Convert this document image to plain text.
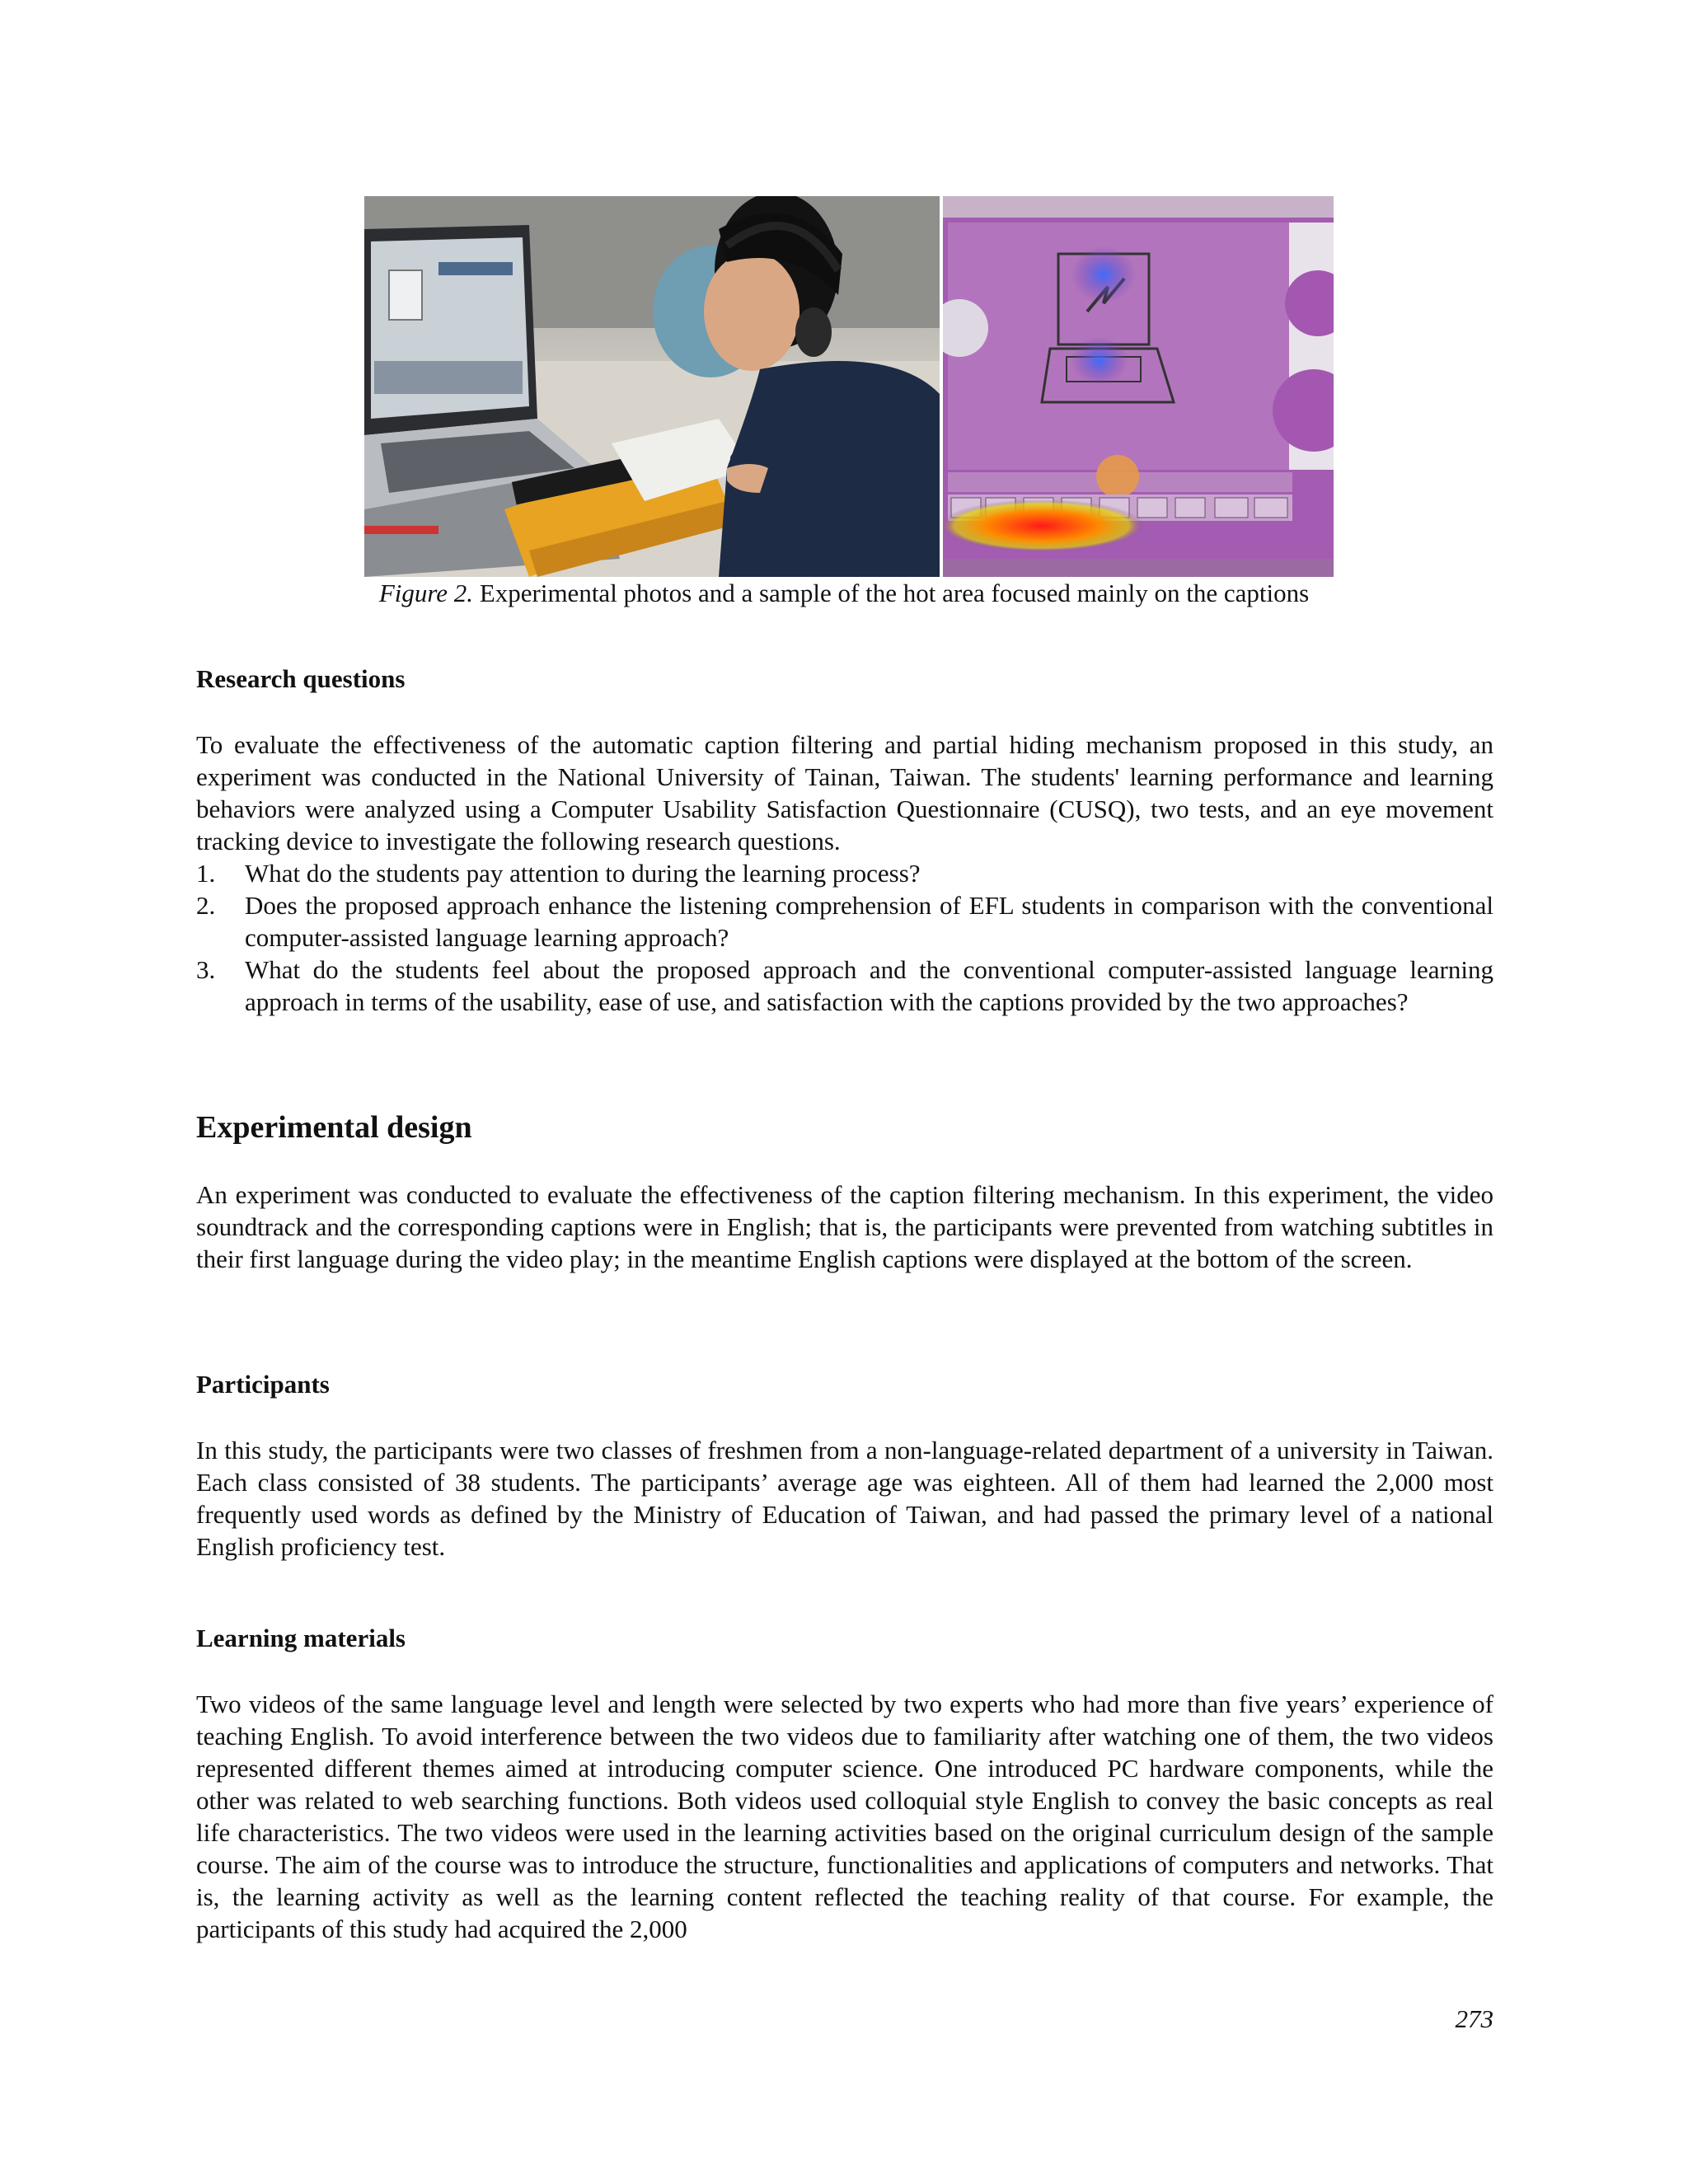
Figure 2. Experimental photos and a sample of the hot area focused mainly on the captions
Research questions

To evaluate the effectiveness of the automatic caption filtering and partial hiding mechanism proposed in this study, an experiment was conducted in the National University of Tainan, Taiwan. The students' learning performance and learning behaviors were analyzed using a Computer Usability Satisfaction Questionnaire (CUSQ), two tests, and an eye movement tracking device to investigate the following research questions.

1. What do the students pay attention to during the learning process?
2. Does the proposed approach enhance the listening comprehension of EFL students in comparison with the conventional computer-assisted language learning approach?
3. What do the students feel about the proposed approach and the conventional computer-assisted language learning approach in terms of the usability, ease of use, and satisfaction with the captions provided by the two approaches?
Experimental design

An experiment was conducted to evaluate the effectiveness of the caption filtering mechanism. In this experiment, the video soundtrack and the corresponding captions were in English; that is, the participants were prevented from watching subtitles in their first language during the video play; in the meantime English captions were displayed at the bottom of the screen.

Participants

In this study, the participants were two classes of freshmen from a non-language-related department of a university in Taiwan. Each class consisted of 38 students. The participants’ average age was eighteen. All of them had learned the 2,000 most frequently used words as defined by the Ministry of Education of Taiwan, and had passed the primary level of a national English proficiency test.

Learning materials

Two videos of the same language level and length were selected by two experts who had more than five years’ experience of teaching English. To avoid interference between the two videos due to familiarity after watching one of them, the two videos represented different themes aimed at introducing computer science. One introduced PC hardware components, while the other was related to web searching functions. Both videos used colloquial style English to convey the basic concepts as real life characteristics. The two videos were used in the learning activities based on the original curriculum design of the sample course. The aim of the course was to introduce the structure, functionalities and applications of computers and networks. That is, the learning activity as well as the learning content reflected the teaching reality of that course. For example, the participants of this study had acquired the 2,000

273
